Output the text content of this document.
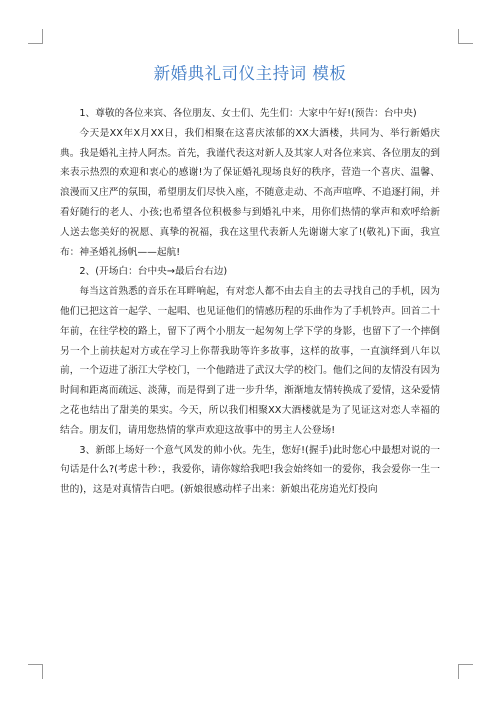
新婚典礼司仪主持词 模板

1、尊敬的各位来宾、各位朋友、女士们、先生们：大家中午好!(预告：台中央)

今天是XX年X月XX日，我们相聚在这喜庆浓郁的XX大酒楼，共同为、举行新婚庆典。我是婚礼主持人阿杰。首先，我谨代表这对新人及其家人对各位来宾、各位朋友的到来表示热烈的欢迎和衷心的感谢!为了保证婚礼现场良好的秩序，营造一个喜庆、温馨、浪漫而又庄严的氛围，希望朋友们尽快入座，不随意走动、不高声喧哗、不追逐打闹，并看好随行的老人、小孩;也希望各位积极参与到婚礼中来，用你们热情的掌声和欢呼给新人送去您美好的祝愿、真挚的祝福，我在这里代表新人先谢谢大家了!(敬礼)下面，我宣布：神圣婚礼扬帆——起航!

2、(开场白：台中央→最后台右边)

每当这首熟悉的音乐在耳畔响起，有对恋人都不由去自主的去寻找自己的手机，因为他们已把这首一起学、一起唱、也见证他们的情感历程的乐曲作为了手机铃声。回首二十年前，在往学校的路上，留下了两个小朋友一起匆匆上学下学的身影，也留下了一个摔倒另一个上前扶起对方或在学习上你帮我助等许多故事，这样的故事，一直演绎到八年以前，一个迈进了浙江大学校门，一个他踏进了武汉大学的校门。他们之间的友情没有因为时间和距离而疏远、淡薄，而是得到了进一步升华，渐渐地友情转换成了爱情，这朵爱情之花也结出了甜美的果实。今天，所以我们相聚XX大酒楼就是为了见证这对恋人幸福的结合。朋友们，请用您热情的掌声欢迎这故事中的男主人公登场!

3、新郎上场好一个意气风发的帅小伙。先生，您好!(握手)此时您心中最想对说的一句话是什么?(考虑十秒：，我爱你，请你嫁给我吧!我会始终如一的爱你，我会爱你一生一世的)，这是对真情告白吧。(新娘很感动样子出来：新娘出花房追光灯投向
